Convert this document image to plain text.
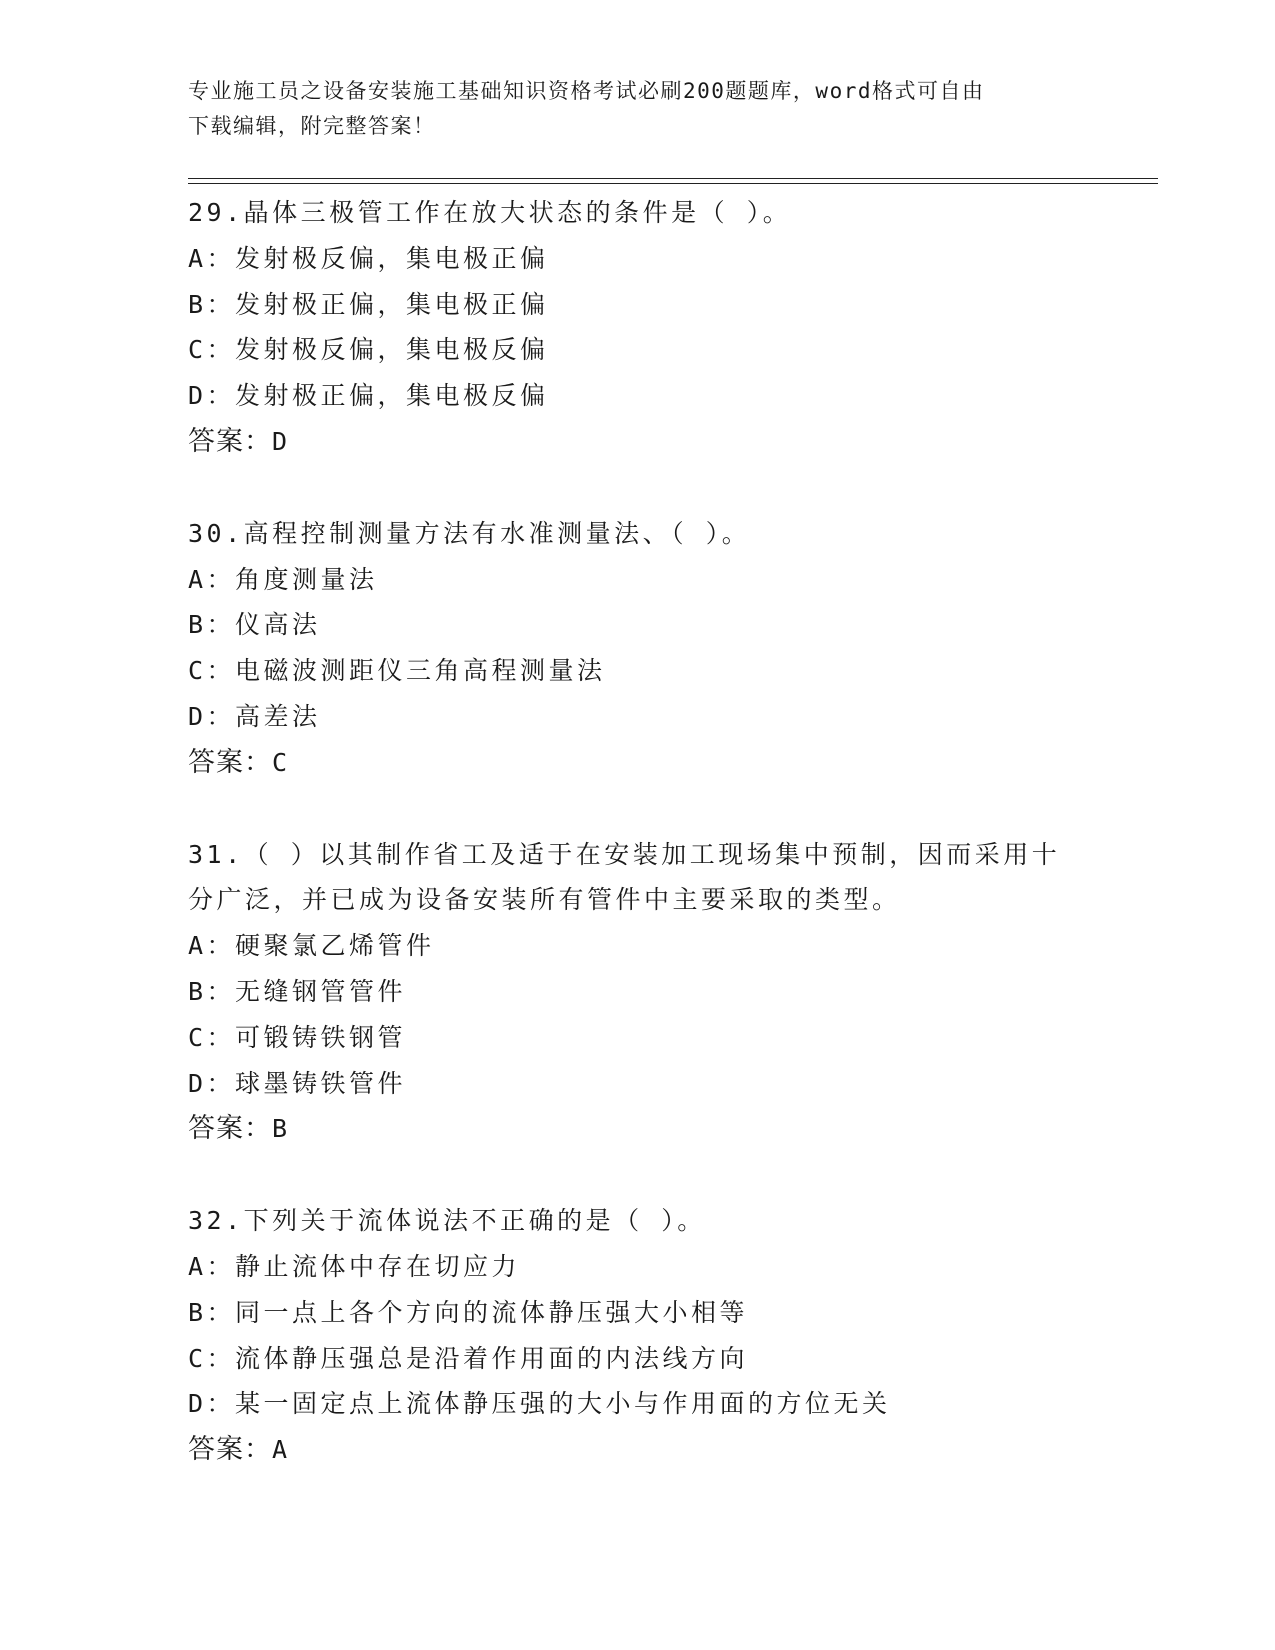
专业施工员之设备安装施工基础知识资格考试必刷200题题库，word格式可自由
下载编辑，附完整答案！
29.晶体三极管工作在放大状态的条件是（ ）。
A：发射极反偏，集电极正偏
B：发射极正偏，集电极正偏
C：发射极反偏，集电极反偏
D：发射极正偏，集电极反偏
答案：D
30.高程控制测量方法有水准测量法、（ ）。
A：角度测量法
B：仪高法
C：电磁波测距仪三角高程测量法
D：高差法
答案：C
31.（ ）以其制作省工及适于在安装加工现场集中预制，因而采用十
分广泛，并已成为设备安装所有管件中主要采取的类型。
A：硬聚氯乙烯管件
B：无缝钢管管件
C：可锻铸铁钢管
D：球墨铸铁管件
答案：B
32.下列关于流体说法不正确的是（ ）。
A：静止流体中存在切应力
B：同一点上各个方向的流体静压强大小相等
C：流体静压强总是沿着作用面的内法线方向
D：某一固定点上流体静压强的大小与作用面的方位无关
答案：A
